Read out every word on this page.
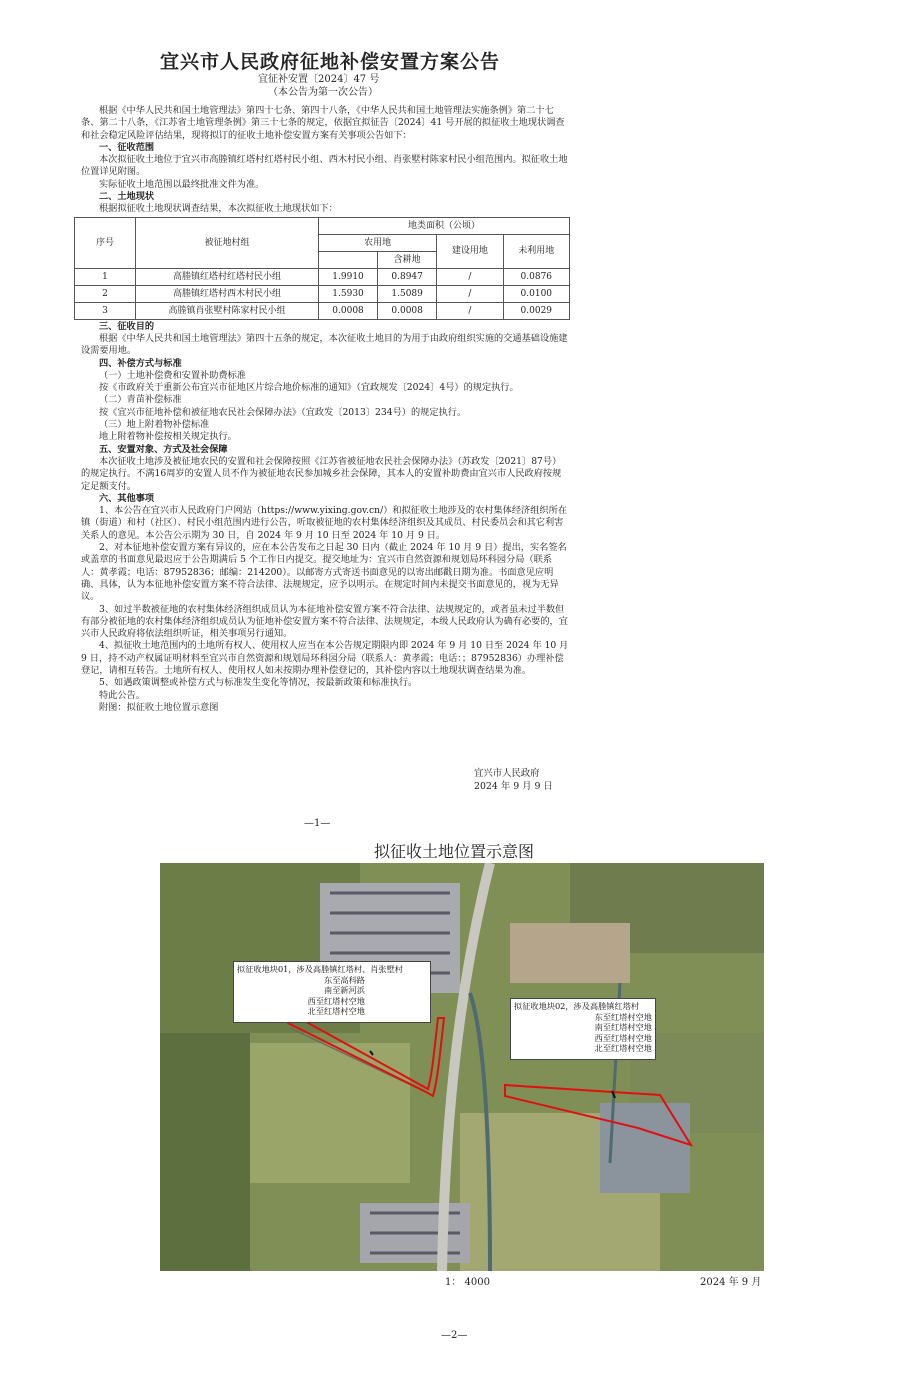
宜兴市人民政府征地补偿安置方案公告
宜征补安置〔2024〕47 号
（本公告为第一次公告）

根据《中华人民共和国土地管理法》第四十七条、第四十八条，《中华人民共和国土地管理法实施条例》第二十七条、第二十八条，《江苏省土地管理条例》第三十七条的规定，依据宜拟征告〔2024〕41 号开展的拟征收土地现状调查和社会稳定风险评估结果，现将拟订的征收土地补偿安置方案有关事项公告如下：

一、征收范围

本次拟征收土地位于宜兴市高塍镇红塔村红塔村民小组、西木村民小组、肖张墅村陈家村民小组范围内。拟征收土地位置详见附图。

实际征收土地范围以最终批准文件为准。

二、土地现状

根据拟征收土地现状调查结果，本次拟征收土地现状如下：

序号	被征地村组	地类面积（公顷）			
		农用地		建设用地	未利用地
			含耕地		
1	高塍镇红塔村红塔村民小组	1.9910	0.8947	/	0.0876
2	高塍镇红塔村西木村民小组	1.5930	1.5089	/	0.0100
3	高塍镇肖张墅村陈家村民小组	0.0008	0.0008	/	0.0029

三、征收目的

根据《中华人民共和国土地管理法》第四十五条的规定，本次征收土地目的为用于由政府组织实施的交通基础设施建设需要用地。

四、补偿方式与标准

（一）土地补偿费和安置补助费标准

按《市政府关于重新公布宜兴市征地区片综合地价标准的通知》（宜政规发〔2024〕4号）的规定执行。

（二）青苗补偿标准

按《宜兴市征地补偿和被征地农民社会保障办法》（宜政发〔2013〕234号）的规定执行。

（三）地上附着物补偿标准

地上附着物补偿按相关规定执行。

五、安置对象、方式及社会保障

本次征收土地涉及被征地农民的安置和社会保障按照《江苏省被征地农民社会保障办法》（苏政发〔2021〕87号）的规定执行。不满16周岁的安置人员不作为被征地农民参加城乡社会保障，其本人的安置补助费由宜兴市人民政府按规定足额支付。

六、其他事项

1、本公告在宜兴市人民政府门户网站（https://www.yixing.gov.cn/）和拟征收土地涉及的农村集体经济组织所在镇（街道）和村（社区）、村民小组范围内进行公告，听取被征地的农村集体经济组织及其成员、村民委员会和其它利害关系人的意见。本公告公示期为 30 日，自 2024 年 9 月 10 日至 2024 年 10 月 9 日。

2、对本征地补偿安置方案有异议的，应在本公告发布之日起 30 日内（截止 2024 年 10 月 9 日）提出，实名签名或盖章的书面意见最迟应于公告期满后 5 个工作日内提交。提交地址为：宜兴市自然资源和规划局环科园分局（联系人：黄孝霞；电话：87952836；邮编：214200）。以邮寄方式寄送书面意见的以寄出邮戳日期为准。书面意见应明确、具体，认为本征地补偿安置方案不符合法律、法规规定，应予以明示。在规定时间内未提交书面意见的，视为无异议。

3、如过半数被征地的农村集体经济组织成员认为本征地补偿安置方案不符合法律、法规规定的，或者虽未过半数但有部分被征地的农村集体经济组织成员认为征地补偿安置方案不符合法律、法规规定，本级人民政府认为确有必要的，宜兴市人民政府将依法组织听证，相关事项另行通知。

4、拟征收土地范围内的土地所有权人、使用权人应当在本公告规定期限内即 2024 年 9 月 10 日至 2024 年 10 月 9 日，持不动产权属证明材料至宜兴市自然资源和规划局环科园分局（联系人：黄孝霞；电话：；87952836）办理补偿登记，请相互转告。土地所有权人、使用权人如未按期办理补偿登记的，其补偿内容以土地现状调查结果为准。

5、如遇政策调整或补偿方式与标准发生变化等情况，按最新政策和标准执行。

特此公告。

附图：拟征收土地位置示意图

宜兴市人民政府
2024 年 9 月 9 日
—1—
拟征收土地位置示意图
拟征收地块01，涉及高塍镇红塔村、肖张墅村
东至高科路
南至新河浜
西至红塔村空地
北至红塔村空地	拟征收地块02，涉及高塍镇红塔村
东至红塔村空地
南至红塔村空地
西至红塔村空地
北至红塔村空地
1： 4000	2024 年 9 月
—2—
